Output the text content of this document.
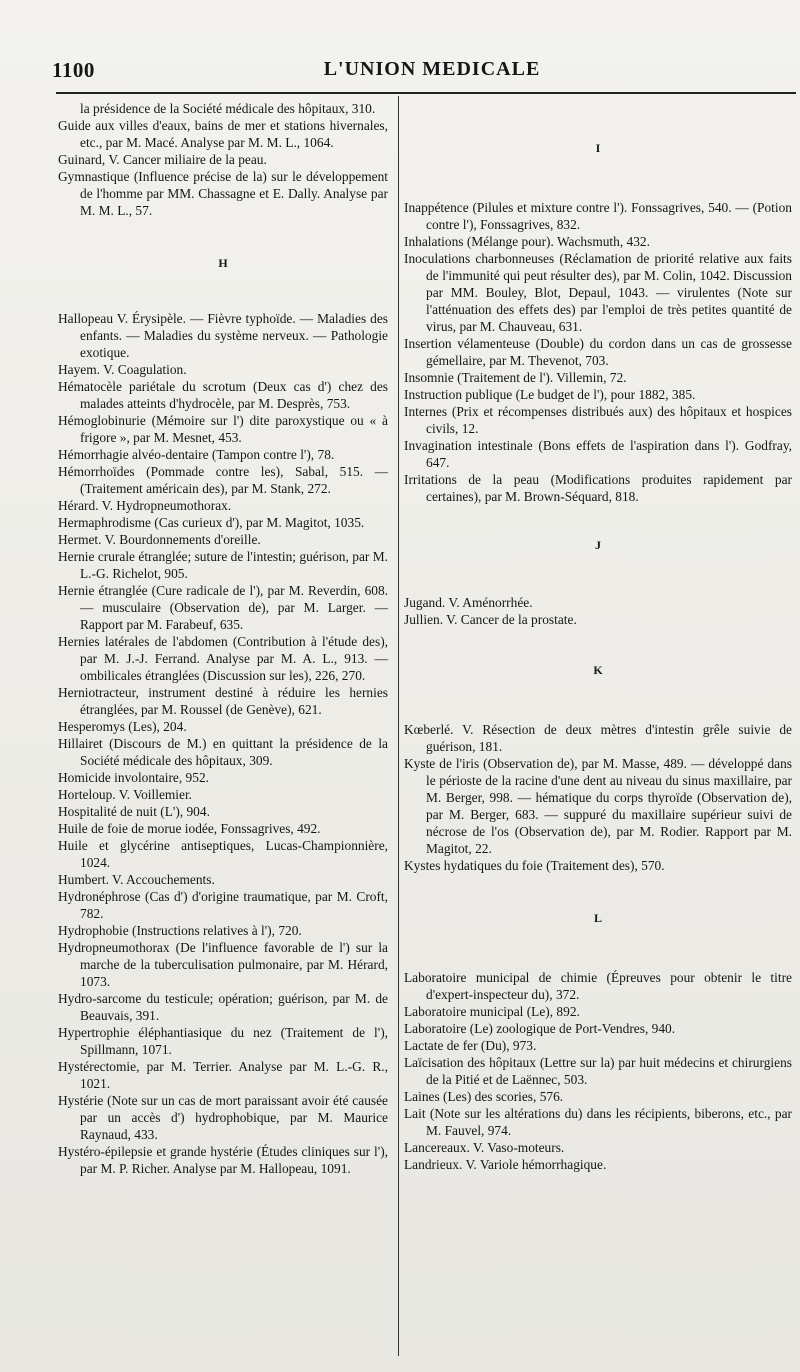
1100	L'UNION MEDICALE

la présidence de la Société médicale des hôpitaux, 310.

Guide aux villes d'eaux, bains de mer et stations hivernales, etc., par M. Macé. Analyse par M. M. L., 1064.

Guinard, V. Cancer miliaire de la peau.

Gymnastique (Influence précise de la) sur le développement de l'homme par MM. Chassagne et E. Dally. Analyse par M. M. L., 57.

H

Hallopeau V. Érysipèle. — Fièvre typhoïde. — Maladies des enfants. — Maladies du système nerveux. — Pathologie exotique.

Hayem. V. Coagulation.

Hématocèle pariétale du scrotum (Deux cas d') chez des malades atteints d'hydrocèle, par M. Desprès, 753.

Hémoglobinurie (Mémoire sur l') dite paroxystique ou « à frigore », par M. Mesnet, 453.

Hémorrhagie alvéo-dentaire (Tampon contre l'), 78.

Hémorrhoïdes (Pommade contre les), Sabal, 515. — (Traitement américain des), par M. Stank, 272.

Hérard. V. Hydropneumothorax.

Hermaphrodisme (Cas curieux d'), par M. Magitot, 1035.

Hermet. V. Bourdonnements d'oreille.

Hernie crurale étranglée; suture de l'intestin; guérison, par M. L.-G. Richelot, 905.

Hernie étranglée (Cure radicale de l'), par M. Reverdin, 608. — musculaire (Observation de), par M. Larger. — Rapport par M. Farabeuf, 635.

Hernies latérales de l'abdomen (Contribution à l'étude des), par M. J.-J. Ferrand. Analyse par M. A. L., 913. — ombilicales étranglées (Discussion sur les), 226, 270.

Herniotracteur, instrument destiné à réduire les hernies étranglées, par M. Roussel (de Genève), 621.

Hesperomys (Les), 204.

Hillairet (Discours de M.) en quittant la présidence de la Société médicale des hôpitaux, 309.

Homicide involontaire, 952.

Horteloup. V. Voillemier.

Hospitalité de nuit (L'), 904.

Huile de foie de morue iodée, Fonssagrives, 492.

Huile et glycérine antiseptiques, Lucas-Championnière, 1024.

Humbert. V. Accouchements.

Hydronéphrose (Cas d') d'origine traumatique, par M. Croft, 782.

Hydrophobie (Instructions relatives à l'), 720.

Hydropneumothorax (De l'influence favorable de l') sur la marche de la tuberculisation pulmonaire, par M. Hérard, 1073.

Hydro-sarcome du testicule; opération; guérison, par M. de Beauvais, 391.

Hypertrophie éléphantiasique du nez (Traitement de l'), Spillmann, 1071.

Hystérectomie, par M. Terrier. Analyse par M. L.-G. R., 1021.

Hystérie (Note sur un cas de mort paraissant avoir été causée par un accès d') hydrophobique, par M. Maurice Raynaud, 433.

Hystéro-épilepsie et grande hystérie (Études cliniques sur l'), par M. P. Richer. Analyse par M. Hallopeau, 1091.

I

Inappétence (Pilules et mixture contre l'). Fonssagrives, 540. — (Potion contre l'), Fonssagrives, 832.

Inhalations (Mélange pour). Wachsmuth, 432.

Inoculations charbonneuses (Réclamation de priorité relative aux faits de l'immunité qui peut résulter des), par M. Colin, 1042. Discussion par MM. Bouley, Blot, Depaul, 1043. — virulentes (Note sur l'atténuation des effets des) par l'emploi de très petites quantité de virus, par M. Chauveau, 631.

Insertion vélamenteuse (Double) du cordon dans un cas de grossesse gémellaire, par M. Thevenot, 703.

Insomnie (Traitement de l'). Villemin, 72.

Instruction publique (Le budget de l'), pour 1882, 385.

Internes (Prix et récompenses distribués aux) des hôpitaux et hospices civils, 12.

Invagination intestinale (Bons effets de l'aspiration dans l'). Godfray, 647.

Irritations de la peau (Modifications produites rapidement par certaines), par M. Brown-Séquard, 818.

J

Jugand. V. Aménorrhée.

Jullien. V. Cancer de la prostate.

K

Kœberlé. V. Résection de deux mètres d'intestin grêle suivie de guérison, 181.

Kyste de l'iris (Observation de), par M. Masse, 489. — développé dans le périoste de la racine d'une dent au niveau du sinus maxillaire, par M. Berger, 998. — hématique du corps thyroïde (Observation de), par M. Berger, 683. — suppuré du maxillaire supérieur suivi de nécrose de l'os (Observation de), par M. Rodier. Rapport par M. Magitot, 22.

Kystes hydatiques du foie (Traitement des), 570.

L

Laboratoire municipal de chimie (Épreuves pour obtenir le titre d'expert-inspecteur du), 372.

Laboratoire municipal (Le), 892.

Laboratoire (Le) zoologique de Port-Vendres, 940.

Lactate de fer (Du), 973.

Laïcisation des hôpitaux (Lettre sur la) par huit médecins et chirurgiens de la Pitié et de Laënnec, 503.

Laines (Les) des scories, 576.

Lait (Note sur les altérations du) dans les récipients, biberons, etc., par M. Fauvel, 974.

Lancereaux. V. Vaso-moteurs.

Landrieux. V. Variole hémorrhagique.
